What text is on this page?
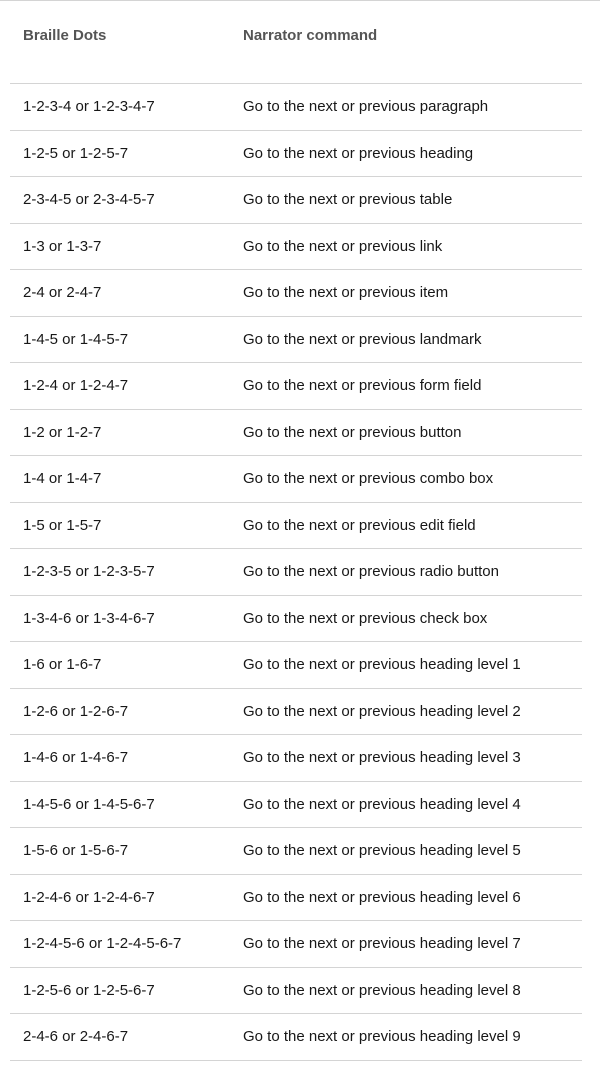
Braille Dots	Narrator command
1-2-3-4 or 1-2-3-4-7	Go to the next or previous paragraph
1-2-5 or 1-2-5-7	Go to the next or previous heading
2-3-4-5 or 2-3-4-5-7	Go to the next or previous table
1-3 or 1-3-7	Go to the next or previous link
2-4 or 2-4-7	Go to the next or previous item
1-4-5 or 1-4-5-7	Go to the next or previous landmark
1-2-4 or 1-2-4-7	Go to the next or previous form field
1-2 or 1-2-7	Go to the next or previous button
1-4 or 1-4-7	Go to the next or previous combo box
1-5 or 1-5-7	Go to the next or previous edit field
1-2-3-5 or 1-2-3-5-7	Go to the next or previous radio button
1-3-4-6 or 1-3-4-6-7	Go to the next or previous check box
1-6 or 1-6-7	Go to the next or previous heading level 1
1-2-6 or 1-2-6-7	Go to the next or previous heading level 2
1-4-6 or 1-4-6-7	Go to the next or previous heading level 3
1-4-5-6 or 1-4-5-6-7	Go to the next or previous heading level 4
1-5-6 or 1-5-6-7	Go to the next or previous heading level 5
1-2-4-6 or 1-2-4-6-7	Go to the next or previous heading level 6
1-2-4-5-6 or 1-2-4-5-6-7	Go to the next or previous heading level 7
1-2-5-6 or 1-2-5-6-7	Go to the next or previous heading level 8
2-4-6 or 2-4-6-7	Go to the next or previous heading level 9
